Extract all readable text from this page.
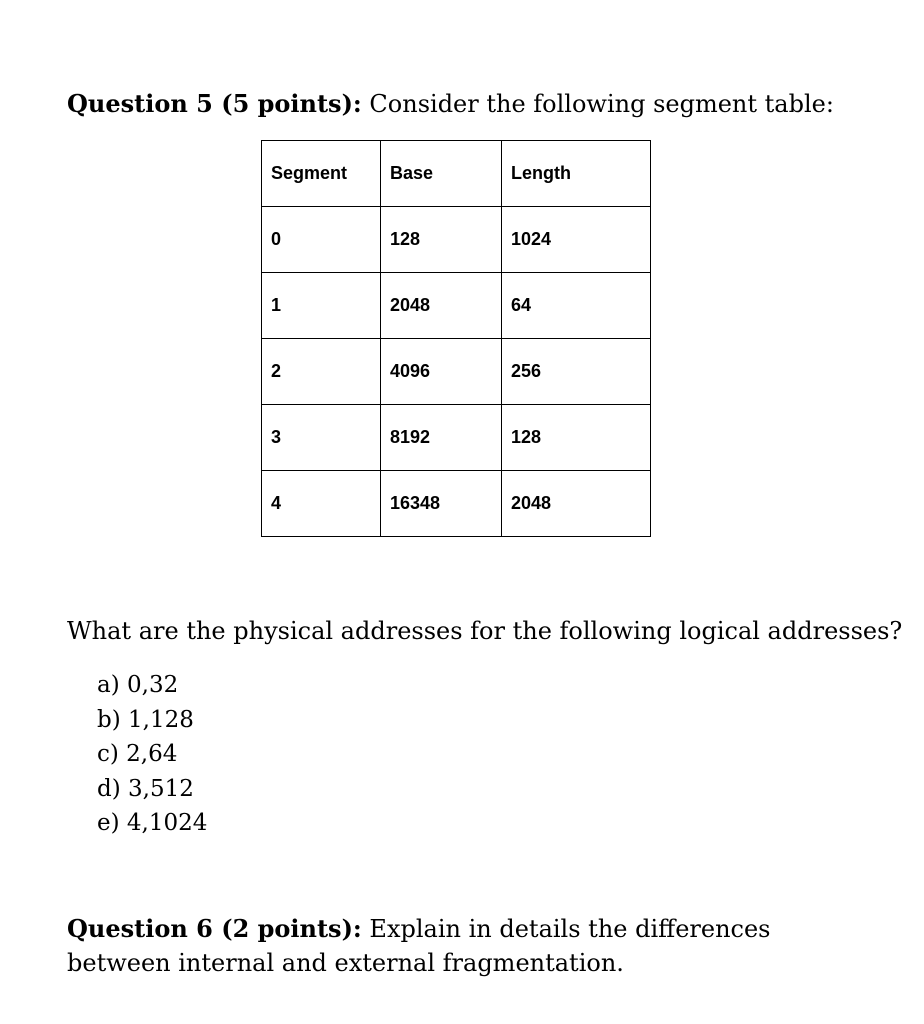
Question 5 (5 points): Consider the following segment table:
Segment	Base	Length
0	128	1024
1	2048	64
2	4096	256
3	8192	128
4	16348	2048
What are the physical addresses for the following logical addresses?
a) 0,32
b) 1,128
c) 2,64
d) 3,512
e) 4,1024
Question 6 (2 points): Explain in details the differences between internal and external fragmentation.
